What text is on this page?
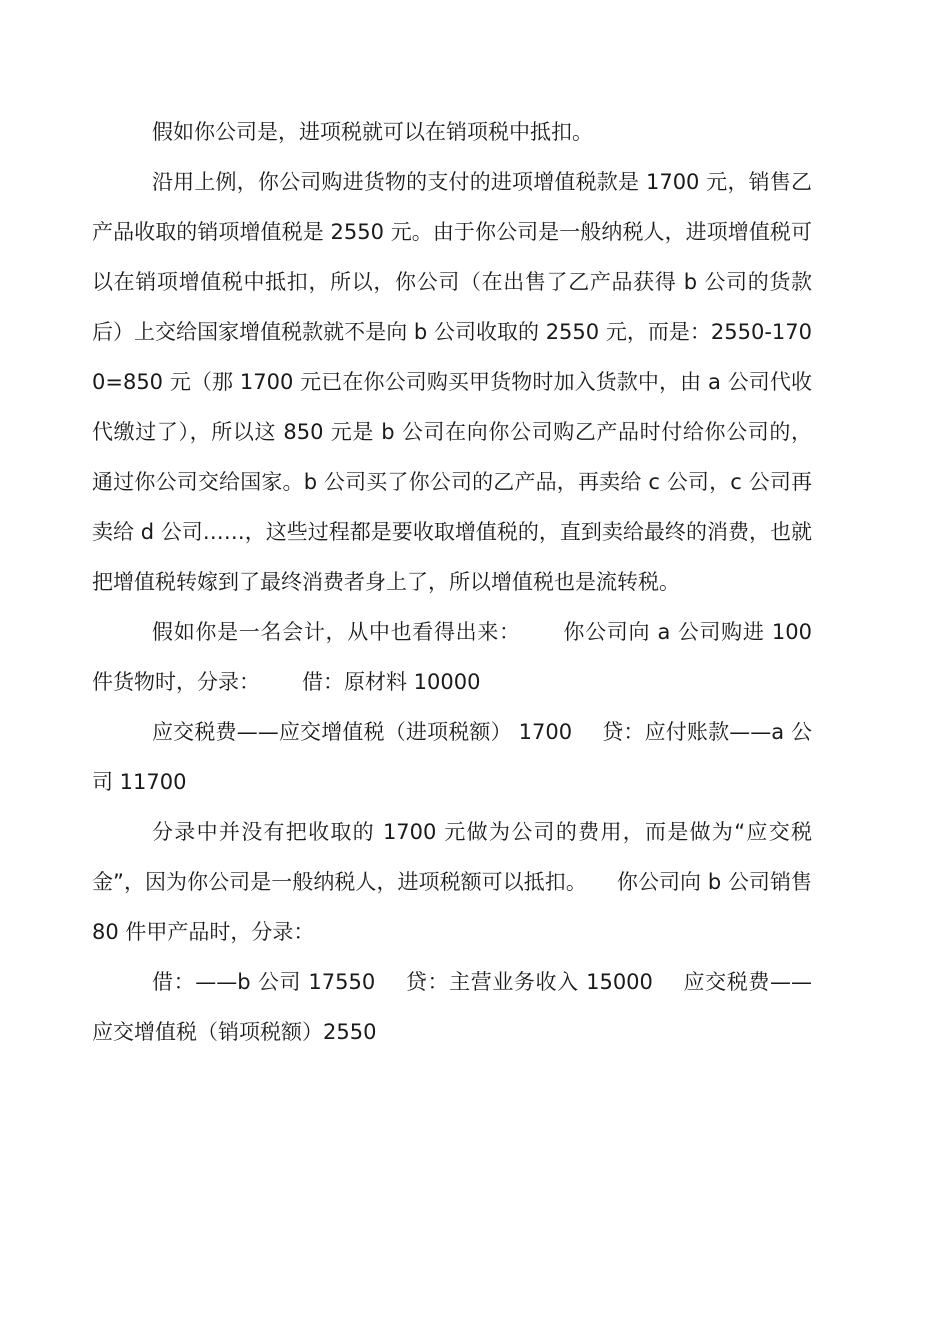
假如你公司是，进项税就可以在销项税中抵扣。

沿用上例，你公司购进货物的支付的进项增值税款是 1700 元，销售乙产品收取的销项增值税是 2550 元。由于你公司是一般纳税人，进项增值税可以在销项增值税中抵扣，所以，你公司（在出售了乙产品获得 b 公司的货款后）上交给国家增值税款就不是向 b 公司收取的 2550 元，而是：2550-1700=850 元（那 1700 元已在你公司购买甲货物时加入货款中，由 a 公司代收代缴过了），所以这 850 元是 b 公司在向你公司购乙产品时付给你公司的，通过你公司交给国家。b 公司买了你公司的乙产品，再卖给 c 公司，c 公司再卖给 d 公司……，这些过程都是要收取增值税的，直到卖给最终的消费，也就把增值税转嫁到了最终消费者身上了，所以增值税也是流转税。

假如你是一名会计，从中也看得出来： 你公司向 a 公司购进 100 件货物时，分录： 借：原材料 10000

应交税费——应交增值税（进项税额） 1700 贷：应付账款——a 公司 11700

分录中并没有把收取的 1700 元做为公司的费用，而是做为“应交税金”，因为你公司是一般纳税人，进项税额可以抵扣。 你公司向 b 公司销售 80 件甲产品时，分录：

借：——b 公司 17550 贷：主营业务收入 15000 应交税费——应交增值税（销项税额）2550
